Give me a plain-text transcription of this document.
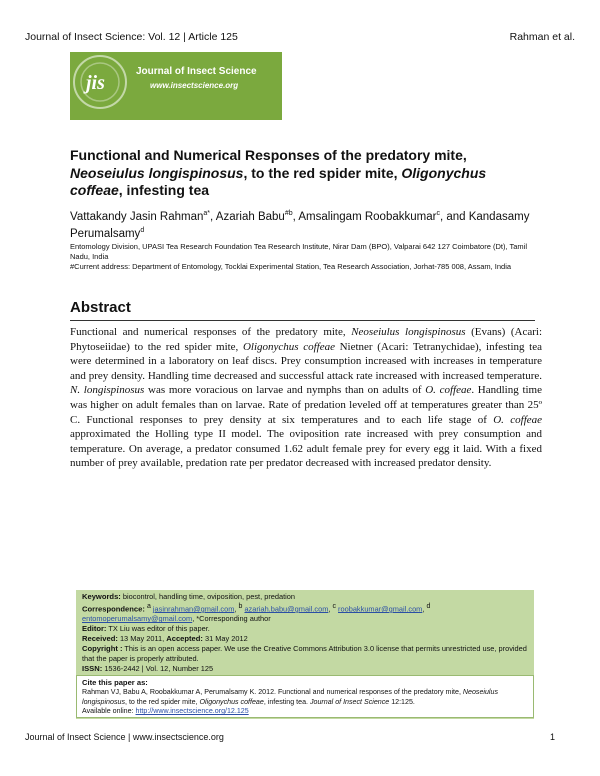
Journal of Insect Science: Vol. 12 | Article 125	Rahman et al.
jis
Journal of Insect Science
www.insectscience.org
Functional and Numerical Responses of the predatory mite, Neoseiulus longispinosus, to the red spider mite, Oligonychus coffeae, infesting tea
Vattakandy Jasin Rahman$^{a*}$, Azariah Babu$^{\#b}$, Amsalingam Roobakkumar$^c$, and Kandasamy Perumalsamy$^d$
Entomology Division, UPASI Tea Research Foundation Tea Research Institute, Nirar Dam (BPO), Valparai 642 127 Coimbatore (Dt), Tamil Nadu, India
#Current address: Department of Entomology, Tocklai Experimental Station, Tea Research Association, Jorhat-785 008, Assam, India
Abstract
Functional and numerical responses of the predatory mite, Neoseiulus longispinosus (Evans) (Acari: Phytoseiidae) to the red spider mite, Oligonychus coffeae Nietner (Acari: Tetranychidae), infesting tea were determined in a laboratory on leaf discs. Prey consumption increased with increases in temperature and prey density. Handling time decreased and successful attack rate increased with increased temperature. N. longispinosus was more voracious on larvae and nymphs than on adults of O. coffeae. Handling time was higher on adult females than on larvae. Rate of predation leveled off at temperatures greater than 25º C. Functional responses to prey density at six temperatures and to each life stage of O. coffeae approximated the Holling type II model. The oviposition rate increased with prey consumption and temperature. On average, a predator consumed 1.62 adult female prey for every egg it laid. With a fixed number of prey available, predation rate per predator decreased with increased predator density.
Keywords: biocontrol, handling time, oviposition, pest, predation
Correspondence: $^a$ jasinrahman@gmail.com, $^b$ azariah.babu@gmail.com, $^c$ roobakkumar@gmail.com, $^d$ entomoperumalsamy@gmail.com, *Corresponding author
Editor: TX Liu was editor of this paper.
Received: 13 May 2011, Accepted: 31 May 2012
Copyright : This is an open access paper. We use the Creative Commons Attribution 3.0 license that permits unrestricted use, provided that the paper is properly attributed.
ISSN: 1536-2442 | Vol. 12, Number 125
Cite this paper as:
Rahman VJ, Babu A, Roobakkumar A, Perumalsamy K. 2012. Functional and numerical responses of the predatory mite, Neoseiulus longispinosus, to the red spider mite, Oligonychus coffeae, infesting tea. Journal of Insect Science 12:125.
Available online: http://www.insectscience.org/12.125
Journal of Insect Science | www.insectscience.org	1
